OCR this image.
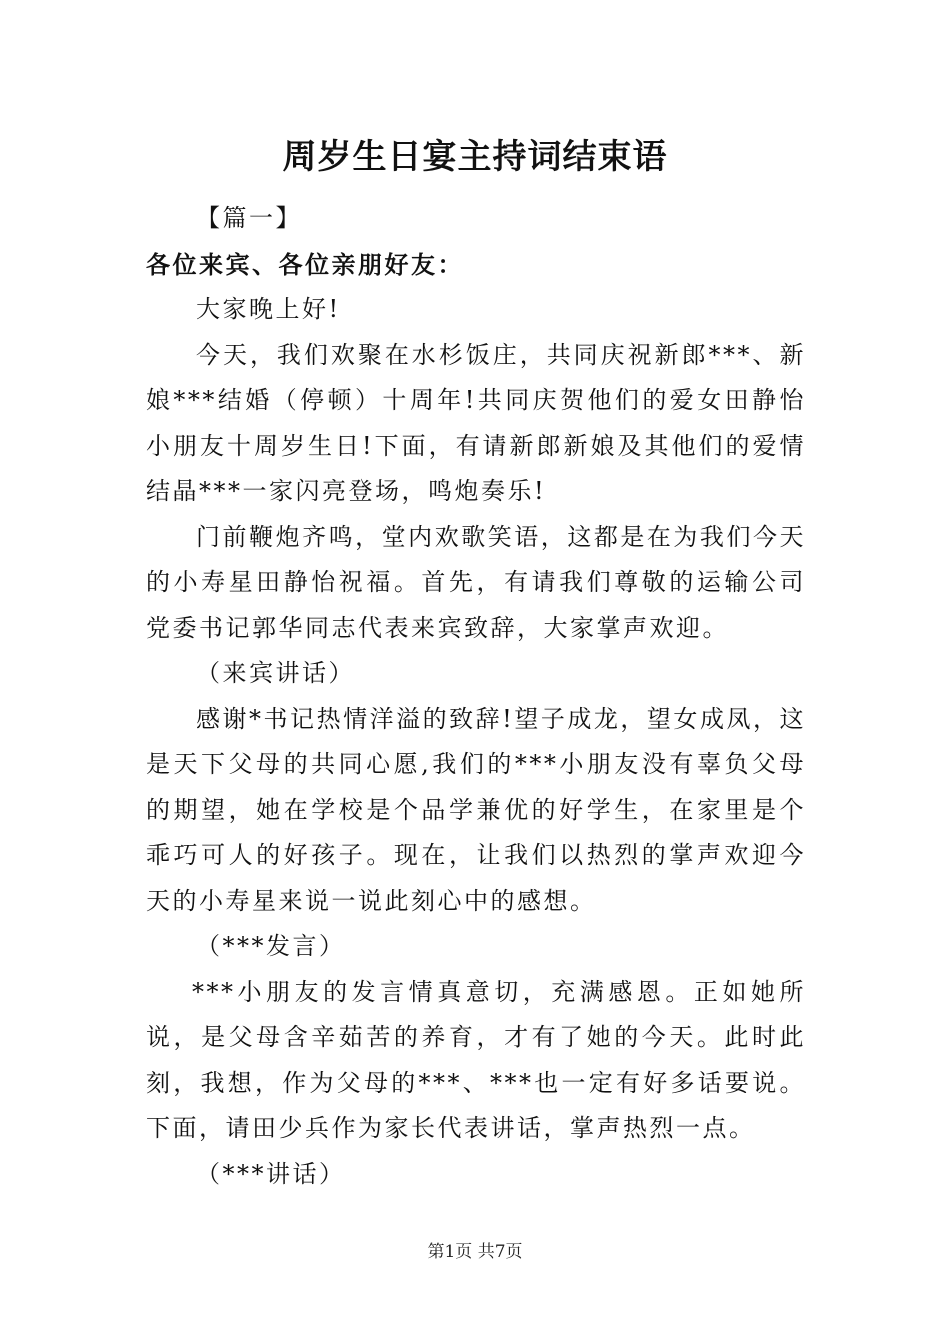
周岁生日宴主持词结束语

【篇一】

各位来宾、各位亲朋好友：

大家晚上好!

今天，我们欢聚在水杉饭庄，共同庆祝新郎***、新娘***结婚（停顿）十周年!共同庆贺他们的爱女田静怡小朋友十周岁生日!下面，有请新郎新娘及其他们的爱情结晶***一家闪亮登场，鸣炮奏乐!

门前鞭炮齐鸣，堂内欢歌笑语，这都是在为我们今天的小寿星田静怡祝福。首先，有请我们尊敬的运输公司党委书记郭华同志代表来宾致辞，大家掌声欢迎。

（来宾讲话）

感谢*书记热情洋溢的致辞!望子成龙，望女成凤，这是天下父母的共同心愿,我们的***小朋友没有辜负父母的期望，她在学校是个品学兼优的好学生，在家里是个乖巧可人的好孩子。现在，让我们以热烈的掌声欢迎今天的小寿星来说一说此刻心中的感想。

（***发言）

***小朋友的发言情真意切，充满感恩。正如她所说，是父母含辛茹苦的养育，才有了她的今天。此时此刻，我想，作为父母的***、***也一定有好多话要说。下面，请田少兵作为家长代表讲话，掌声热烈一点。

（***讲话）

第1页 共7页
